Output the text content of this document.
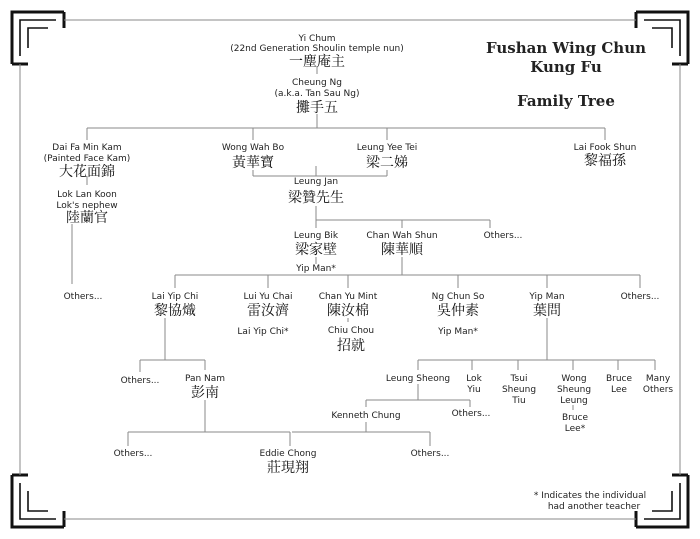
Fushan Wing Chun
Kung Fu
Family Tree
Yi Chum
(22nd Generation Shoulin temple nun)
一塵庵主
Cheung Ng
(a.k.a. Tan Sau Ng)
攤手五
Dai Fa Min Kam
(Painted Face Kam)
大花面錦
Wong Wah Bo
黃華寶
Leung Yee Tei
梁二娣
Lai Fook Shun
黎福孫
Lok Lan Koon
Lok's nephew
陸蘭官
Leung Jan
梁贊先生
Leung Bik
梁家壁
Chan Wah Shun
陳華順
Others...
Yip Man*
Others...	Lai Yip Chi
黎協熾
Lui Yu Chai
雷汝濟
Lai Yip Chi*
Chan Yu Mint
陳汝棉
Chiu Chou
招就
Ng Chun So
吳仲素
Yip Man*
Yip Man
葉問
Others...
Others...	Pan Nam
彭南
Leung Sheong Lok
Yiu
Tsui
Sheung
Tiu
Wong
Sheung
Leung
Bruce
Lee
Many
Others
Kenneth Chung	Others...	Bruce
Lee*
Others...	Eddie Chong
莊現翔
Others...
* Indicates the individual
had another teacher
